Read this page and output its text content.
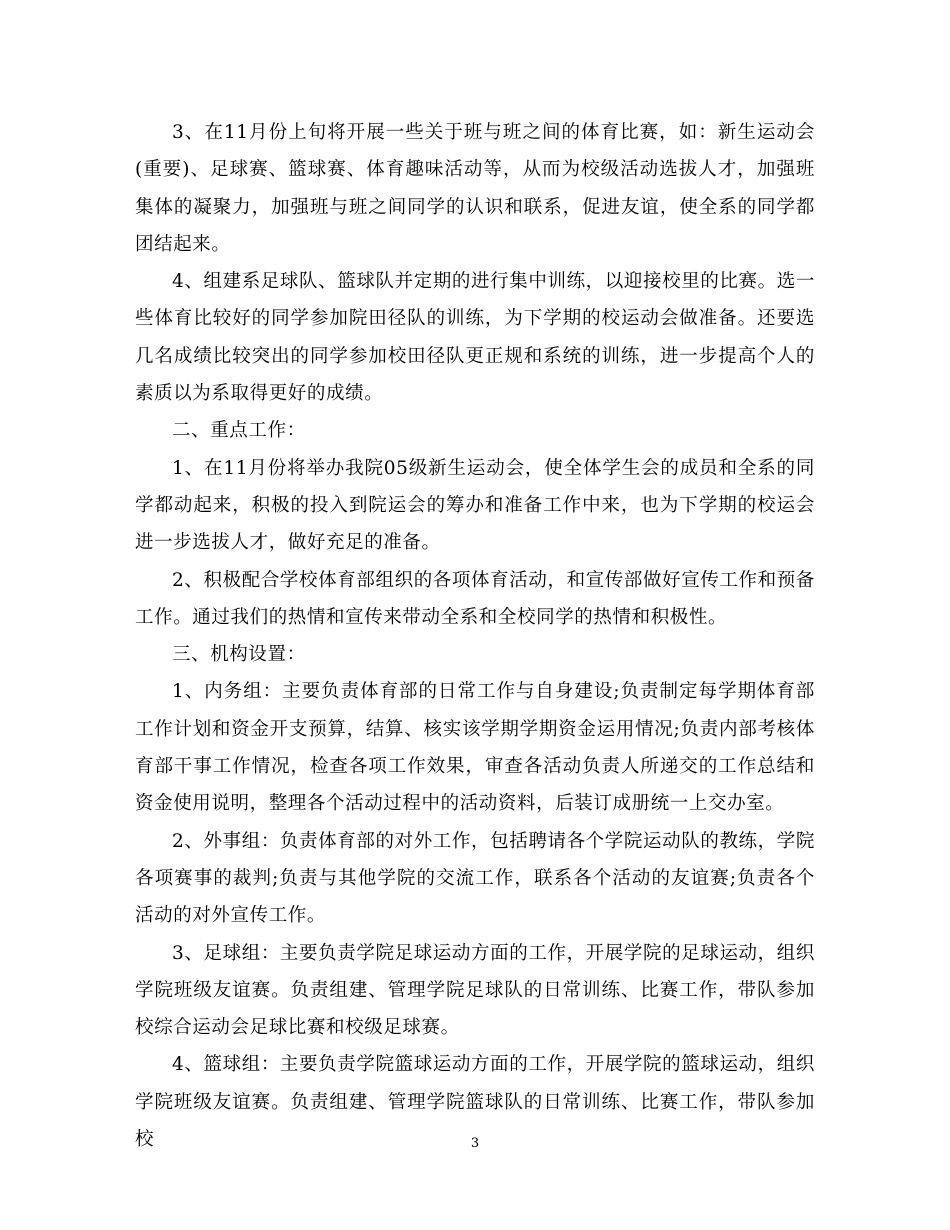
3、在11月份上旬将开展一些关于班与班之间的体育比赛，如：新生运动会(重要)、足球赛、篮球赛、体育趣味活动等，从而为校级活动选拔人才，加强班集体的凝聚力，加强班与班之间同学的认识和联系，促进友谊，使全系的同学都团结起来。

4、组建系足球队、篮球队并定期的进行集中训练，以迎接校里的比赛。选一些体育比较好的同学参加院田径队的训练，为下学期的校运动会做准备。还要选几名成绩比较突出的同学参加校田径队更正规和系统的训练，进一步提高个人的素质以为系取得更好的成绩。

二、重点工作：

1、在11月份将举办我院05级新生运动会，使全体学生会的成员和全系的同学都动起来，积极的投入到院运会的筹办和准备工作中来，也为下学期的校运会进一步选拔人才，做好充足的准备。

2、积极配合学校体育部组织的各项体育活动，和宣传部做好宣传工作和预备工作。通过我们的热情和宣传来带动全系和全校同学的热情和积极性。

三、机构设置：

1、内务组：主要负责体育部的日常工作与自身建设;负责制定每学期体育部工作计划和资金开支预算，结算、核实该学期学期资金运用情况;负责内部考核体育部干事工作情况，检查各项工作效果，审查各活动负责人所递交的工作总结和资金使用说明，整理各个活动过程中的活动资料，后装订成册统一上交办室。

2、外事组：负责体育部的对外工作，包括聘请各个学院运动队的教练，学院各项赛事的裁判;负责与其他学院的交流工作，联系各个活动的友谊赛;负责各个活动的对外宣传工作。

3、足球组：主要负责学院足球运动方面的工作，开展学院的足球运动，组织学院班级友谊赛。负责组建、管理学院足球队的日常训练、比赛工作，带队参加校综合运动会足球比赛和校级足球赛。

4、篮球组：主要负责学院篮球运动方面的工作，开展学院的篮球运动，组织学院班级友谊赛。负责组建、管理学院篮球队的日常训练、比赛工作，带队参加校	3
